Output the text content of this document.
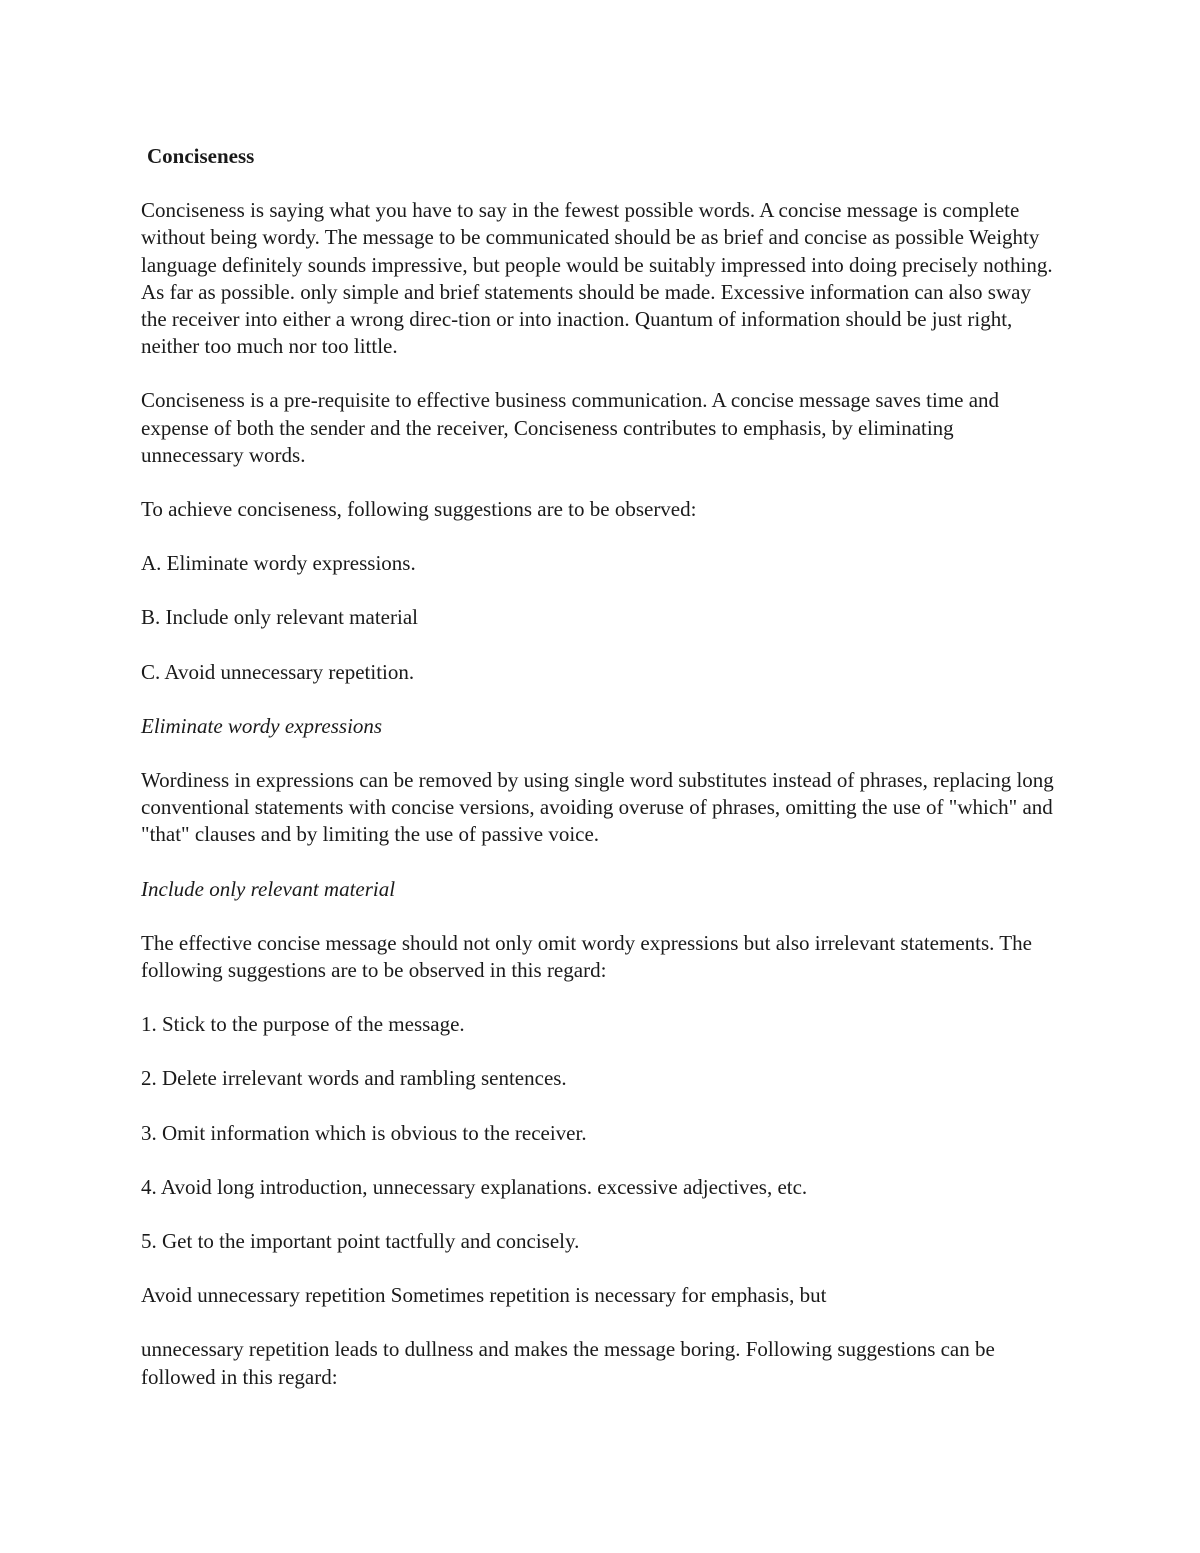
Conciseness

Conciseness is saying what you have to say in the fewest possible words. A concise message is complete without being wordy. The message to be communicated should be as brief and concise as possible Weighty language definitely sounds impressive, but people would be suitably impressed into doing precisely nothing. As far as possible. only simple and brief statements should be made. Excessive information can also sway the receiver into either a wrong direc-tion or into inaction. Quantum of information should be just right, neither too much nor too little.

Conciseness is a pre-requisite to effective business communication. A concise message saves time and expense of both the sender and the receiver, Conciseness contributes to emphasis, by eliminating unnecessary words.

To achieve conciseness, following suggestions are to be observed:

A. Eliminate wordy expressions.

B. Include only relevant material

C. Avoid unnecessary repetition.

Eliminate wordy expressions

Wordiness in expressions can be removed by using single word substitutes instead of phrases, replacing long conventional statements with concise versions, avoiding overuse of phrases, omitting the use of "which" and "that" clauses and by limiting the use of passive voice.

Include only relevant material

The effective concise message should not only omit wordy expressions but also irrelevant statements. The following suggestions are to be observed in this regard:

1. Stick to the purpose of the message.

2. Delete irrelevant words and rambling sentences.

3. Omit information which is obvious to the receiver.

4. Avoid long introduction, unnecessary explanations. excessive adjectives, etc.

5. Get to the important point tactfully and concisely.

Avoid unnecessary repetition Sometimes repetition is necessary for emphasis, but

unnecessary repetition leads to dullness and makes the message boring. Following suggestions can be followed in this regard:
